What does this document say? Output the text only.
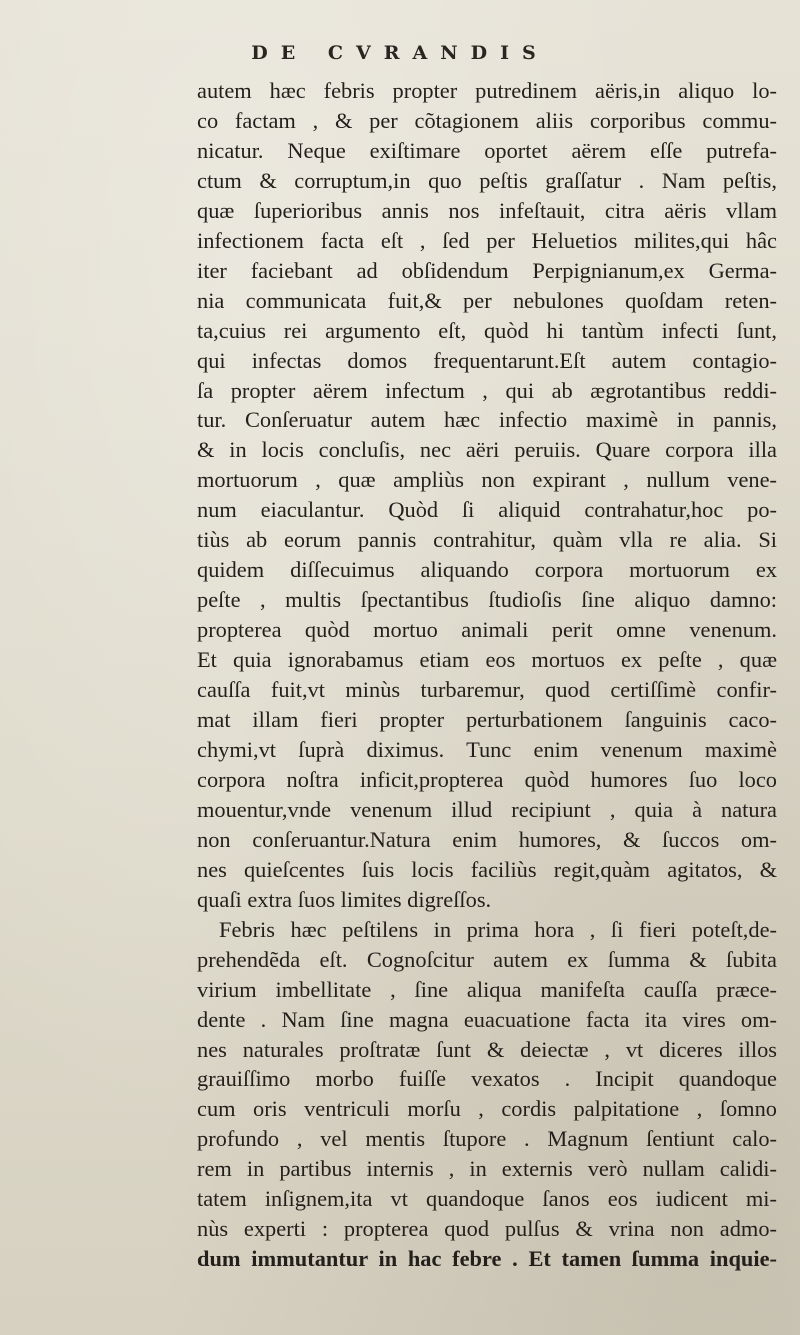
DE CVRANDIS
autem hæc febris propter putredinem aëris,in aliquo lo-
co factam , & per cõtagionem aliis corporibus commu-
nicatur. Neque exiſtimare oportet aërem eſſe putrefa-
ctum & corruptum,in quo peſtis graſſatur . Nam peſtis,
quæ ſuperioribus annis nos infeſtauit, citra aëris vllam
infectionem facta eſt , ſed per Heluetios milites,qui hâc
iter faciebant ad obſidendum Perpignianum,ex Germa-
nia communicata fuit,& per nebulones quoſdam reten-
ta,cuius rei argumento eſt, quòd hi tantùm infecti ſunt,
qui infectas domos frequentarunt.Eſt autem contagio-
ſa propter aërem infectum , qui ab ægrotantibus reddi-
tur. Conſeruatur autem hæc infectio maximè in pannis,
& in locis concluſis, nec aëri peruiis. Quare corpora illa
mortuorum , quæ ampliùs non expirant , nullum vene-
num eiaculantur. Quòd ſi aliquid contrahatur,hoc po-
tiùs ab eorum pannis contrahitur, quàm vlla re alia. Si
quidem diſſecuimus aliquando corpora mortuorum ex
peſte , multis ſpectantibus ſtudioſis ſine aliquo damno:
propterea quòd mortuo animali perit omne venenum.
Et quia ignorabamus etiam eos mortuos ex peſte , quæ
cauſſa fuit,vt minùs turbaremur, quod certiſſimè confir-
mat illam fieri propter perturbationem ſanguinis caco-
chymi,vt ſuprà diximus. Tunc enim venenum maximè
corpora noſtra inficit,propterea quòd humores ſuo loco
mouentur,vnde venenum illud recipiunt , quia à natura
non conſeruantur.Natura enim humores, & ſuccos om-
nes quieſcentes ſuis locis faciliùs regit,quàm agitatos, &
quaſi extra ſuos limites digreſſos.
Febris hæc peſtilens in prima hora , ſi fieri poteſt,de-
prehendẽda eſt. Cognoſcitur autem ex ſumma & ſubita
virium imbellitate , ſine aliqua manifeſta cauſſa præce-
dente . Nam ſine magna euacuatione facta ita vires om-
nes naturales proſtratæ ſunt & deiectæ , vt diceres illos
grauiſſimo morbo fuiſſe vexatos . Incipit quandoque
cum oris ventriculi morſu , cordis palpitatione , ſomno
profundo , vel mentis ſtupore . Magnum ſentiunt calo-
rem in partibus internis , in externis verò nullam calidi-
tatem inſignem,ita vt quandoque ſanos eos iudicent mi-
nùs experti : propterea quod pulſus & vrina non admo-
dum immutantur in hac febre . Et tamen ſumma inquie-
